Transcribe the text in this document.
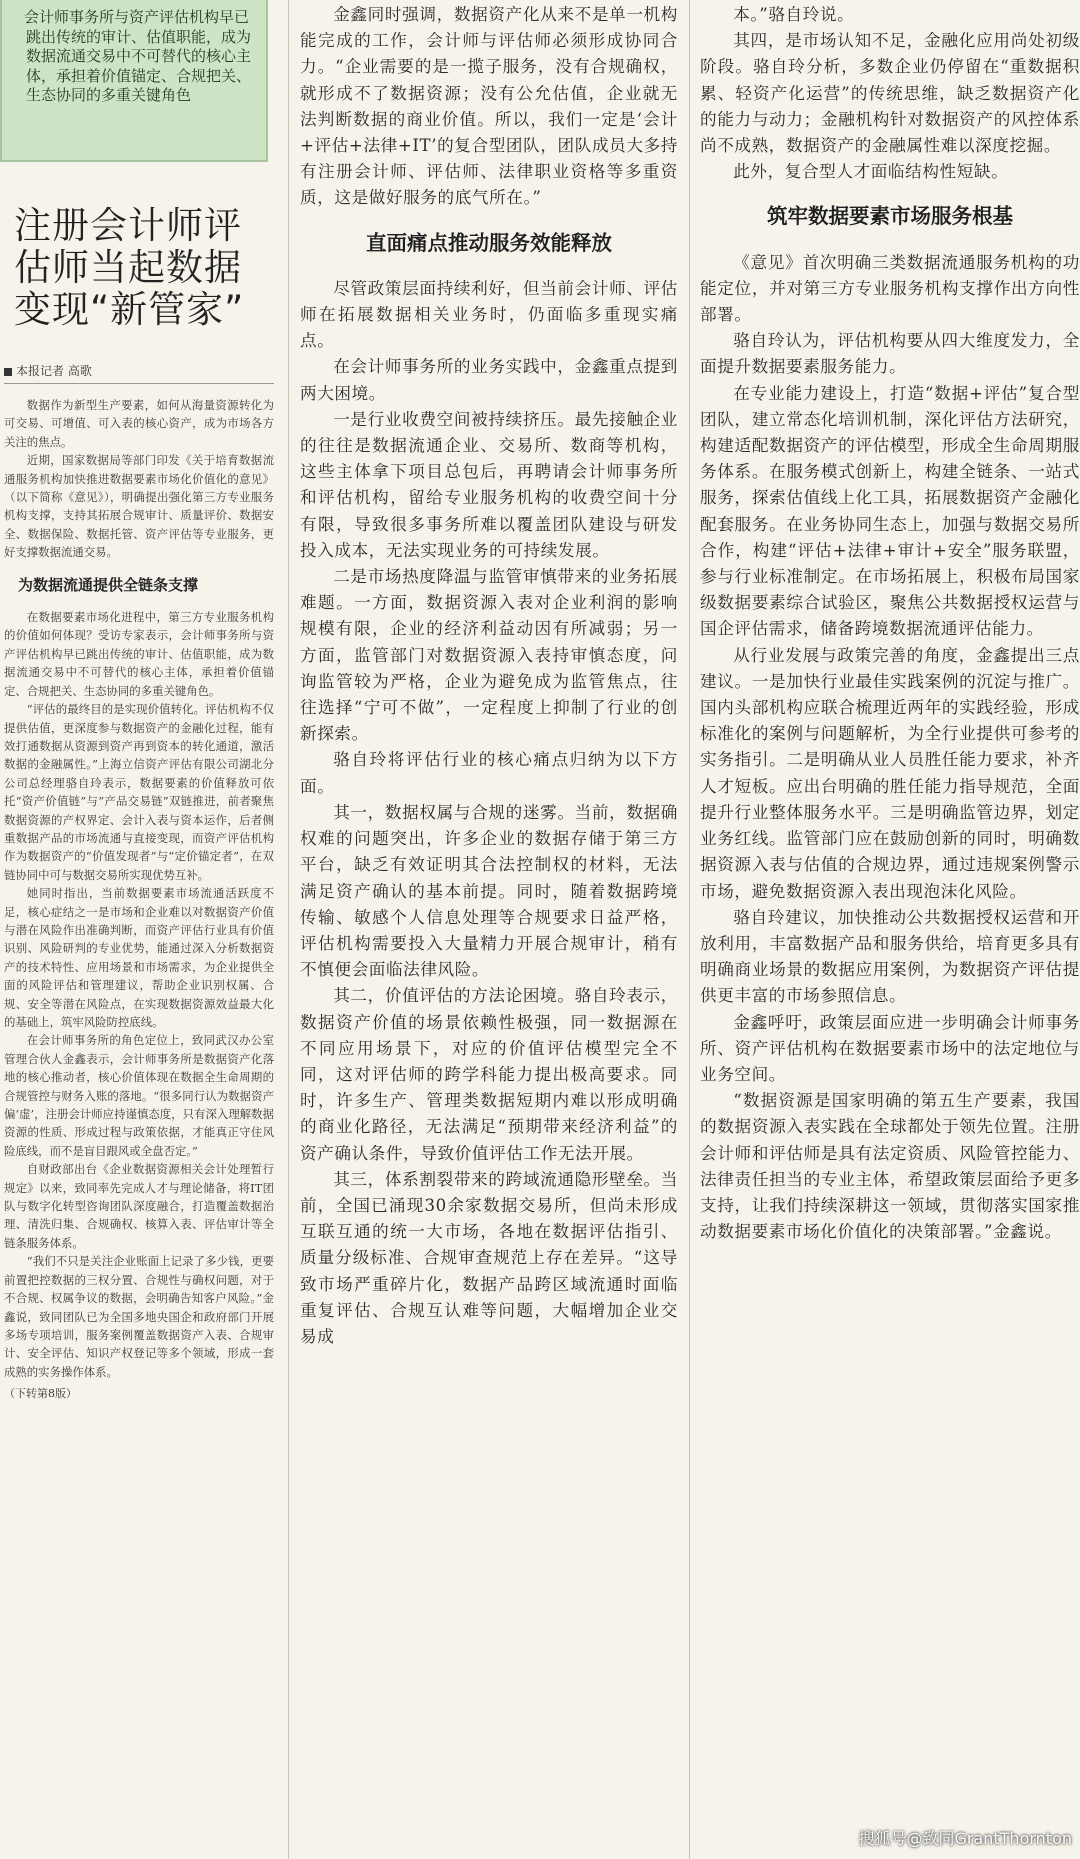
会计师事务所与资产评估机构早已跳出传统的审计、估值职能，成为数据流通交易中不可替代的核心主体，承担着价值锚定、合规把关、生态协同的多重关键角色
注册会计师评估师当起数据变现“新管家”
本报记者 高歌

数据作为新型生产要素，如何从海量资源转化为可交易、可增值、可入表的核心资产，成为市场各方关注的焦点。

近期，国家数据局等部门印发《关于培育数据流通服务机构加快推进数据要素市场化价值化的意见》（以下简称《意见》），明确提出强化第三方专业服务机构支撑，支持其拓展合规审计、质量评价、数据安全、数据保险、数据托管、资产评估等专业服务，更好支撑数据流通交易。

为数据流通提供全链条支撑

在数据要素市场化进程中，第三方专业服务机构的价值如何体现？受访专家表示，会计师事务所与资产评估机构早已跳出传统的审计、估值职能，成为数据流通交易中不可替代的核心主体，承担着价值锚定、合规把关、生态协同的多重关键角色。

“评估的最终目的是实现价值转化。评估机构不仅提供估值，更深度参与数据资产的金融化过程，能有效打通数据从资源到资产再到资本的转化通道，激活数据的金融属性。”上海立信资产评估有限公司湖北分公司总经理骆自玲表示，数据要素的价值释放可依托“资产价值链”与“产品交易链”双链推进，前者聚焦数据资源的产权界定、会计入表与资本运作，后者侧重数据产品的市场流通与直接变现，而资产评估机构作为数据资产的“价值发现者”与“定价锚定者”，在双链协同中可与数据交易所实现优势互补。

她同时指出，当前数据要素市场流通活跃度不足，核心症结之一是市场和企业难以对数据资产价值与潜在风险作出准确判断，而资产评估行业具有价值识别、风险研判的专业优势，能通过深入分析数据资产的技术特性、应用场景和市场需求，为企业提供全面的风险评估和管理建议，帮助企业识别权属、合规、安全等潜在风险点，在实现数据资源效益最大化的基础上，筑牢风险防控底线。

在会计师事务所的角色定位上，致同武汉办公室管理合伙人金鑫表示，会计师事务所是数据资产化落地的核心推动者，核心价值体现在数据全生命周期的合规管控与财务入账的落地。“很多同行认为数据资产偏‘虚’，注册会计师应持谨慎态度，只有深入理解数据资源的性质、形成过程与政策依据，才能真正守住风险底线，而不是盲目跟风或全盘否定。”

自财政部出台《企业数据资源相关会计处理暂行规定》以来，致同率先完成人才与理论储备，将IT团队与数字化转型咨询团队深度融合，打造覆盖数据治理、清洗归集、合规确权、核算入表、评估审计等全链条服务体系。

“我们不只是关注企业账面上记录了多少钱，更要前置把控数据的三权分置、合规性与确权问题，对于不合规、权属争议的数据，会明确告知客户风险。”金鑫说，致同团队已为全国多地央国企和政府部门开展多场专项培训，服务案例覆盖数据资产入表、合规审计、安全评估、知识产权登记等多个领域，形成一套成熟的实务操作体系。

（下转第8版）

金鑫同时强调，数据资产化从来不是单一机构能完成的工作，会计师与评估师必须形成协同合力。“企业需要的是一揽子服务，没有合规确权，就形成不了数据资源；没有公允估值，企业就无法判断数据的商业价值。所以，我们一定是‘会计+评估+法律+IT’的复合型团队，团队成员大多持有注册会计师、评估师、法律职业资格等多重资质，这是做好服务的底气所在。”

直面痛点推动服务效能释放

尽管政策层面持续利好，但当前会计师、评估师在拓展数据相关业务时，仍面临多重现实痛点。

在会计师事务所的业务实践中，金鑫重点提到两大困境。

一是行业收费空间被持续挤压。最先接触企业的往往是数据流通企业、交易所、数商等机构，这些主体拿下项目总包后，再聘请会计师事务所和评估机构，留给专业服务机构的收费空间十分有限，导致很多事务所难以覆盖团队建设与研发投入成本，无法实现业务的可持续发展。

二是市场热度降温与监管审慎带来的业务拓展难题。一方面，数据资源入表对企业利润的影响规模有限，企业的经济利益动因有所减弱；另一方面，监管部门对数据资源入表持审慎态度，问询监管较为严格，企业为避免成为监管焦点，往往选择“宁可不做”，一定程度上抑制了行业的创新探索。

骆自玲将评估行业的核心痛点归纳为以下方面。

其一，数据权属与合规的迷雾。当前，数据确权难的问题突出，许多企业的数据存储于第三方平台，缺乏有效证明其合法控制权的材料，无法满足资产确认的基本前提。同时，随着数据跨境传输、敏感个人信息处理等合规要求日益严格，评估机构需要投入大量精力开展合规审计，稍有不慎便会面临法律风险。

其二，价值评估的方法论困境。骆自玲表示，数据资产价值的场景依赖性极强，同一数据源在不同应用场景下，对应的价值评估模型完全不同，这对评估师的跨学科能力提出极高要求。同时，许多生产、管理类数据短期内难以形成明确的商业化路径，无法满足“预期带来经济利益”的资产确认条件，导致价值评估工作无法开展。

其三，体系割裂带来的跨域流通隐形壁垒。当前，全国已涌现30余家数据交易所，但尚未形成互联互通的统一大市场，各地在数据评估指引、质量分级标准、合规审查规范上存在差异。“这导致市场严重碎片化，数据产品跨区域流通时面临重复评估、合规互认难等问题，大幅增加企业交易成

本。”骆自玲说。

其四，是市场认知不足，金融化应用尚处初级阶段。骆自玲分析，多数企业仍停留在“重数据积累、轻资产化运营”的传统思维，缺乏数据资产化的能力与动力；金融机构针对数据资产的风控体系尚不成熟，数据资产的金融属性难以深度挖掘。

此外，复合型人才面临结构性短缺。

筑牢数据要素市场服务根基

《意见》首次明确三类数据流通服务机构的功能定位，并对第三方专业服务机构支撑作出方向性部署。

骆自玲认为，评估机构要从四大维度发力，全面提升数据要素服务能力。

在专业能力建设上，打造“数据+评估”复合型团队，建立常态化培训机制，深化评估方法研究，构建适配数据资产的评估模型，形成全生命周期服务体系。在服务模式创新上，构建全链条、一站式服务，探索估值线上化工具，拓展数据资产金融化配套服务。在业务协同生态上，加强与数据交易所合作，构建“评估+法律+审计+安全”服务联盟，参与行业标准制定。在市场拓展上，积极布局国家级数据要素综合试验区，聚焦公共数据授权运营与国企评估需求，储备跨境数据流通评估能力。

从行业发展与政策完善的角度，金鑫提出三点建议。一是加快行业最佳实践案例的沉淀与推广。国内头部机构应联合梳理近两年的实践经验，形成标准化的案例与问题解析，为全行业提供可参考的实务指引。二是明确从业人员胜任能力要求，补齐人才短板。应出台明确的胜任能力指导规范，全面提升行业整体服务水平。三是明确监管边界，划定业务红线。监管部门应在鼓励创新的同时，明确数据资源入表与估值的合规边界，通过违规案例警示市场，避免数据资源入表出现泡沫化风险。

骆自玲建议，加快推动公共数据授权运营和开放利用，丰富数据产品和服务供给，培育更多具有明确商业场景的数据应用案例，为数据资产评估提供更丰富的市场参照信息。

金鑫呼吁，政策层面应进一步明确会计师事务所、资产评估机构在数据要素市场中的法定地位与业务空间。

“数据资源是国家明确的第五生产要素，我国的数据资源入表实践在全球都处于领先位置。注册会计师和评估师是具有法定资质、风险管控能力、法律责任担当的专业主体，希望政策层面给予更多支持，让我们持续深耕这一领域，贯彻落实国家推动数据要素市场化价值化的决策部署。”金鑫说。

搜狐号@致同GrantThornton
